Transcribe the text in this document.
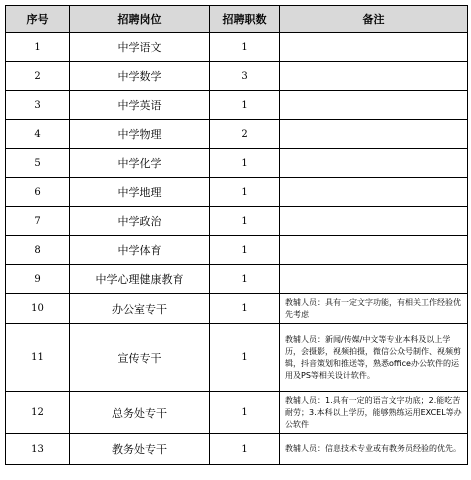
序号	招聘岗位	招聘职数	备注
1	中学语文	1	
2	中学数学	3	
3	中学英语	1	
4	中学物理	2	
5	中学化学	1	
6	中学地理	1	
7	中学政治	1	
8	中学体育	1	
9	中学心理健康教育	1	
10	办公室专干	1	教辅人员：具有一定文字功能，有相关工作经验优先考虑
11	宣传专干	1	教辅人员：新闻/传媒/中文等专业本科及以上学历，会摄影，视频拍摄，微信公众号制作、视频剪辑，抖音策划和推送等，熟悉office办公软件的运用及PS等相关设计软件。
12	总务处专干	1	教辅人员：1.具有一定的语言文字功底；2.能吃苦耐劳；3.本科以上学历，能够熟练运用EXCEL等办公软件
13	教务处专干	1	教辅人员：信息技术专业或有教务员经验的优先。
